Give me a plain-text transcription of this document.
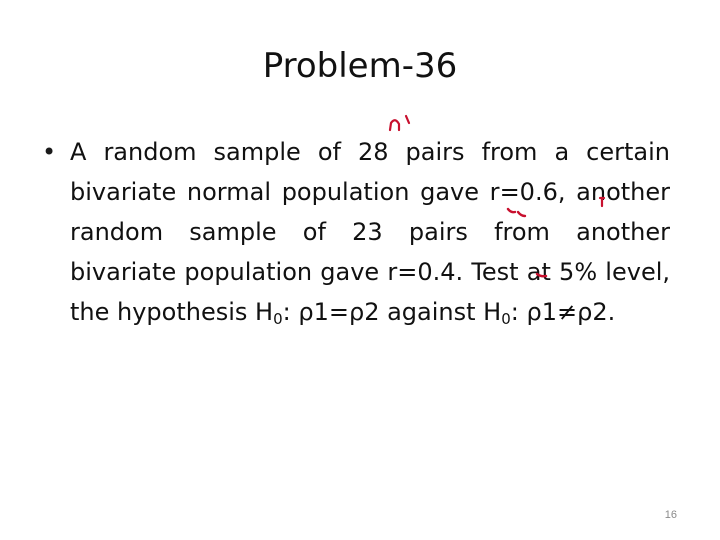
Problem-36
• A random sample of 28 pairs from a certain bivariate normal population gave r=0.6, another random sample of 23 pairs from another bivariate population gave r=0.4. Test at 5% level, the hypothesis $H_0$: ρ1=ρ2 against $H_0$: ρ1≠ρ2.
16
